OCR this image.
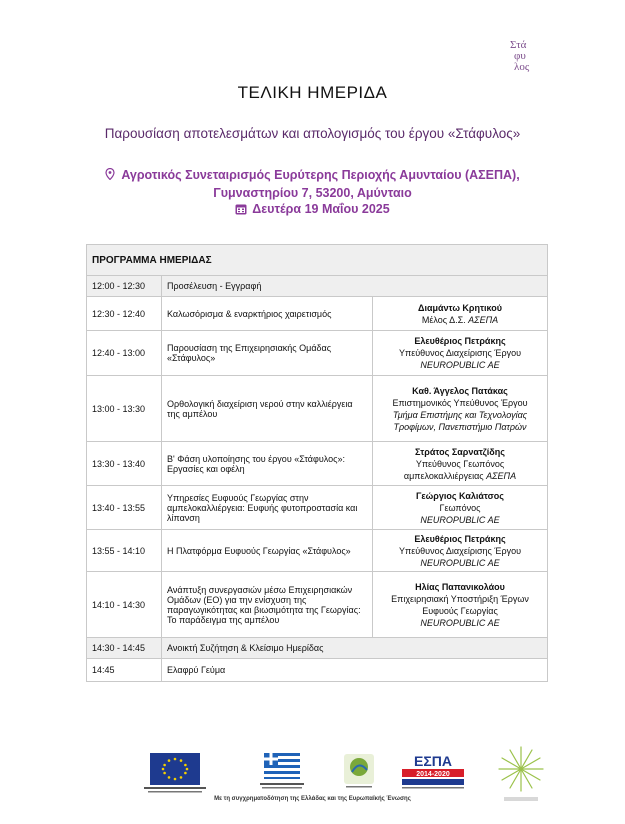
Στά
φυ
λος
ΤΕΛΙΚΗ ΗΜΕΡΙΔΑ
Παρουσίαση αποτελεσμάτων και απολογισμός του έργου «Στάφυλος»
Αγροτικός Συνεταιρισμός Ευρύτερης Περιοχής Αμυνταίου (ΑΣΕΠΑ),
Γυμναστηρίου 7, 53200, Αμύνταιο
Δευτέρα 19 Μαΐου 2025
ΠΡΟΓΡΑΜΜΑ ΗΜΕΡΙΔΑΣ		
12:00 - 12:30	Προσέλευση - Εγγραφή	
12:30 - 12:40	Καλωσόρισμα & εναρκτήριος χαιρετισμός	Διαμάντω Κρητικού
Μέλος Δ.Σ. ΑΣΕΠΑ

12:40 - 13:00	Παρουσίαση της Επιχειρησιακής Ομάδας «Στάφυλος»	Ελευθέριος Πετράκης
Υπεύθυνος Διαχείρισης Έργου
NEUROPUBLIC AE

13:00 - 13:30	Ορθολογική διαχείριση νερού στην καλλιέργεια της αμπέλου	Καθ. Άγγελος Πατάκας
Επιστημονικός Υπεύθυνος Έργου
Τμήμα Επιστήμης και Τεχνολογίας Τροφίμων, Πανεπιστήμιο Πατρών

13:30 - 13:40	Β' Φάση υλοποίησης του έργου «Στάφυλος»: Εργασίες και οφέλη	Στράτος Σαρνατζίδης
Υπεύθυνος Γεωπόνος
αμπελοκαλλιέργειας ΑΣΕΠΑ

13:40 - 13:55	Υπηρεσίες Ευφυούς Γεωργίας στην αμπελοκαλλιέργεια: Ευφυής φυτοπροστασία και λίπανση	Γεώργιος Καλιάτσος
Γεωπόνος
NEUROPUBLIC AE

13:55 - 14:10	Η Πλατφόρμα Ευφυούς Γεωργίας «Στάφυλος»	Ελευθέριος Πετράκης
Υπεύθυνος Διαχείρισης Έργου
NEUROPUBLIC AE

14:10 - 14:30	Ανάπτυξη συνεργασιών μέσω Επιχειρησιακών Ομάδων (ΕΟ) για την ενίσχυση της παραγωγικότητας και βιωσιμότητα της Γεωργίας: Το παράδειγμα της αμπέλου	Ηλίας Παπανικολάου
Επιχειρησιακή Υποστήριξη Έργων Ευφυούς Γεωργίας
NEUROPUBLIC AE

14:30 - 14:45	Ανοικτή Συζήτηση & Κλείσιμο Ημερίδας	
14:45	Ελαφρύ Γεύμα	
ΕΣΠΑ
2014-2020
Με τη συγχρηματοδότηση της Ελλάδας και της Ευρωπαϊκής Ένωσης
